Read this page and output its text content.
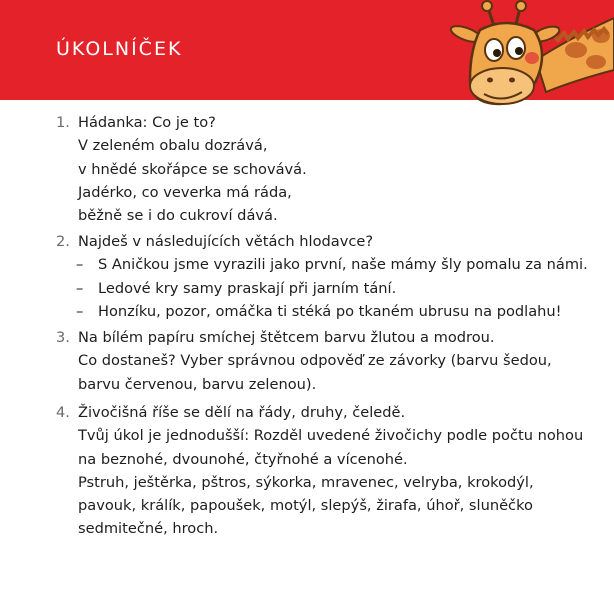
ÚKOLNÍČEK
1. Hádanka: Co je to?
V zeleném obalu dozrává,
v hnědé skořápce se schovává.
Jadérko, co veverka má ráda,
běžně se i do cukroví dává.
2. Najdeš v následujících větách hlodavce?
– S Aničkou jsme vyrazili jako první, naše mámy šly pomalu za námi.
– Ledové kry samy praskají při jarním tání.
– Honzíku, pozor, omáčka ti stéká po tkaném ubrusu na podlahu!
3. Na bílém papíru smíchej štětcem barvu žlutou a modrou.
Co dostaneš? Vyber správnou odpověď ze závorky (barvu šedou,
barvu červenou, barvu zelenou).
4. Živočišná říše se dělí na řády, druhy, čeledě.
Tvůj úkol je jednodušší: Rozděl uvedené živočichy podle počtu nohou
na beznohé, dvounohé, čtyřnohé a vícenohé.
Pstruh, ještěrka, pštros, sýkorka, mravenec, velryba, krokodýl,
pavouk, králík, papoušek, motýl, slepýš, žirafa, úhoř, sluněčko
sedmitečné, hroch.
